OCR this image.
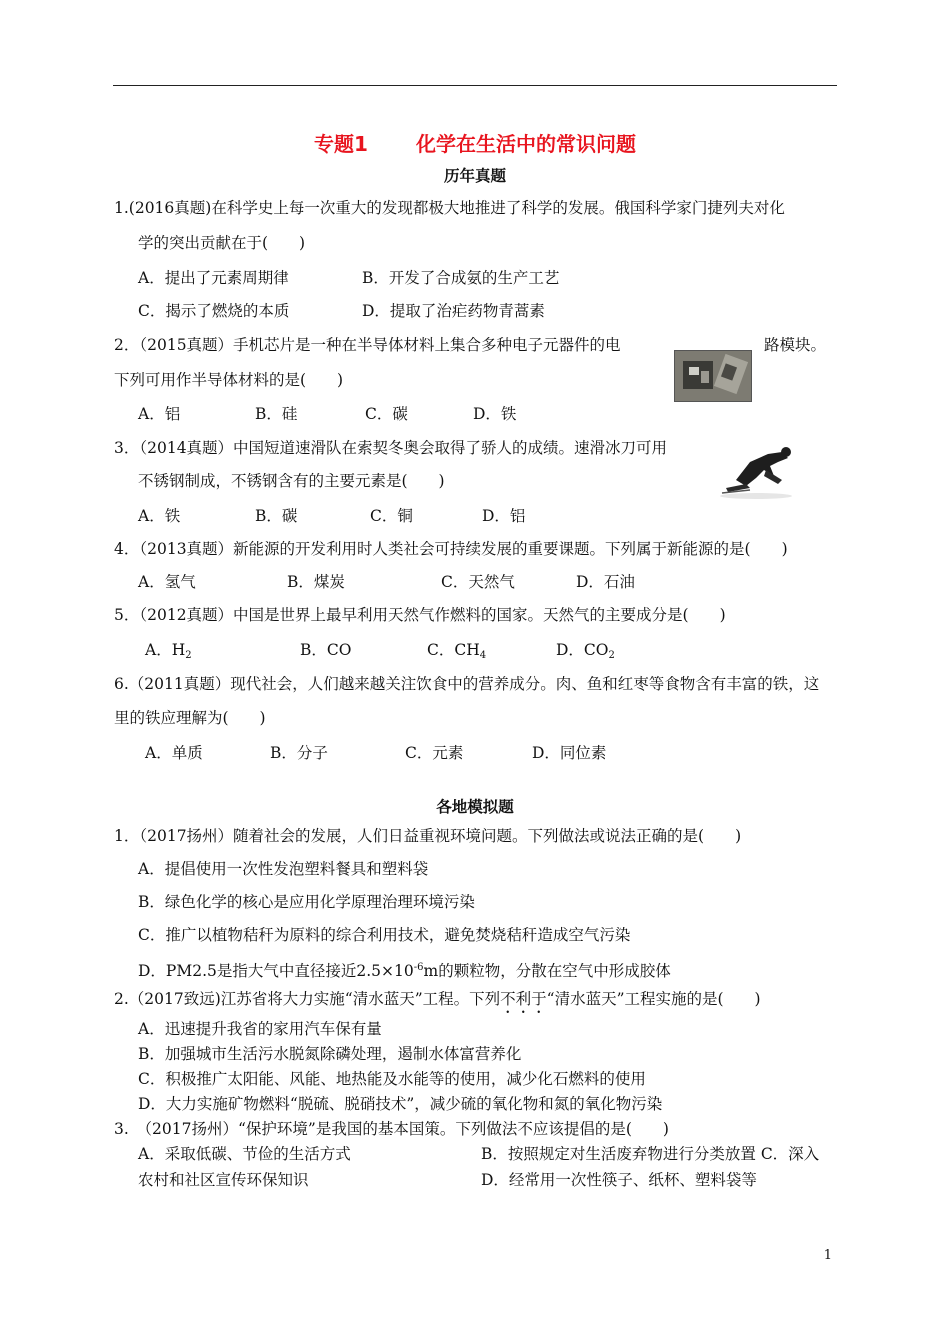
专题1 化学在生活中的常识问题
历年真题
1.(2016真题)在科学史上每一次重大的发现都极大地推进了科学的发展。俄国科学家门捷列夫对化
学的突出贡献在于(　　)
A．提出了元素周期律	B．开发了合成氨的生产工艺
C．揭示了燃烧的本质	D．提取了治疟药物青蒿素
2．（2015真题）手机芯片是一种在半导体材料上集合多种电子元器件的电	路模块。
下列可用作半导体材料的是(　　)
A．铝	B．硅	C．碳	D．铁
3．（2014真题）中国短道速滑队在索契冬奥会取得了骄人的成绩。速滑冰刀可用
不锈钢制成，不锈钢含有的主要元素是(　　)
A．铁	B．碳	C．铜	D．铝
4．（2013真题）新能源的开发利用时人类社会可持续发展的重要课题。下列属于新能源的是(　　)
A．氢气	B．煤炭	C．天然气	D．石油
5．（2012真题）中国是世界上最早利用天然气作燃料的国家。天然气的主要成分是(　　)
A．$H_2$	B．CO	C．$CH_4$	D．$CO_2$
6.（2011真题）现代社会，人们越来越关注饮食中的营养成分。肉、鱼和红枣等食物含有丰富的铁，这
里的铁应理解为(　　)
A．单质	B．分子	C．元素	D．同位素
各地模拟题
1．（2017扬州）随着社会的发展，人们日益重视环境问题。下列做法或说法正确的是(　　)
A．提倡使用一次性发泡塑料餐具和塑料袋
B．绿色化学的核心是应用化学原理治理环境污染
C．推广以植物秸秆为原料的综合利用技术，避免焚烧秸秆造成空气污染
D．PM2.5是指大气中直径接近$2.5\times 10^{-6}m$的颗粒物，分散在空气中形成胶体
2.（2017致远)江苏省将大力实施“清水蓝天”工程。下列不利于“清水蓝天”工程实施的是(　　)
A．迅速提升我省的家用汽车保有量
B．加强城市生活污水脱氮除磷处理，遏制水体富营养化
C．积极推广太阳能、风能、地热能及水能等的使用，减少化石燃料的使用
D．大力实施矿物燃料“脱硫、脱硝技术”，减少硫的氧化物和氮的氧化物污染
3.　（2017扬州）“保护环境”是我国的基本国策。下列做法不应该提倡的是(　　)
A．采取低碳、节俭的生活方式	B．按照规定对生活废弃物进行分类放置 C．深入
农村和社区宣传环保知识	D．经常用一次性筷子、纸杯、塑料袋等
1
